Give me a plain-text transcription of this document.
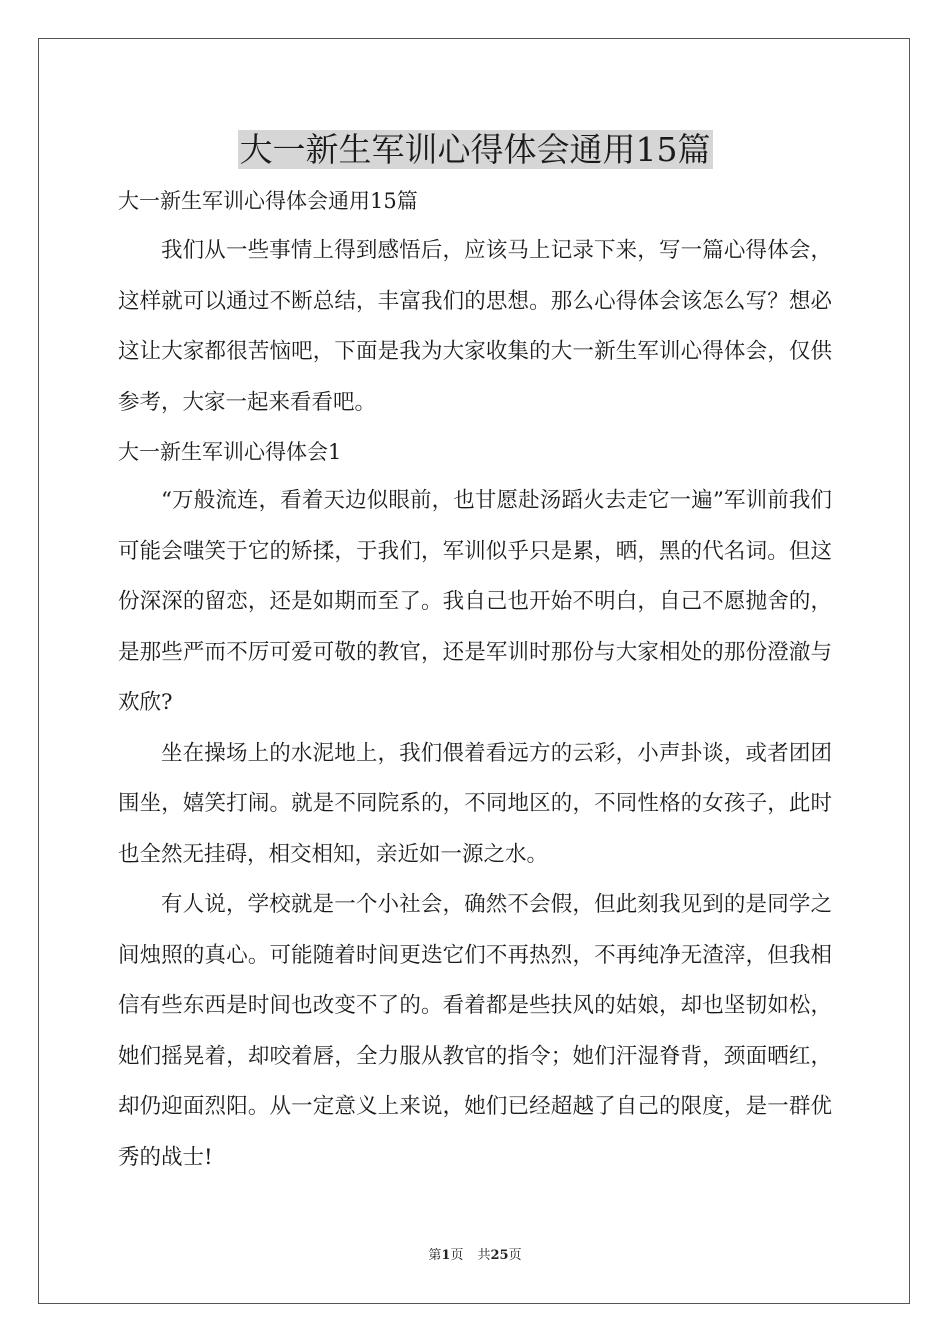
大一新生军训心得体会通用15篇

大一新生军训心得体会通用15篇

我们从一些事情上得到感悟后，应该马上记录下来，写一篇心得体会，这样就可以通过不断总结，丰富我们的思想。那么心得体会该怎么写？想必这让大家都很苦恼吧，下面是我为大家收集的大一新生军训心得体会，仅供参考，大家一起来看看吧。

大一新生军训心得体会1

“万般流连，看着天边似眼前，也甘愿赴汤蹈火去走它一遍”军训前我们可能会嗤笑于它的矫揉，于我们，军训似乎只是累，晒，黑的代名词。但这份深深的留恋，还是如期而至了。我自己也开始不明白，自己不愿抛舍的，是那些严而不厉可爱可敬的教官，还是军训时那份与大家相处的那份澄澈与欢欣?

坐在操场上的水泥地上，我们偎着看远方的云彩，小声卦谈，或者团团围坐，嬉笑打闹。就是不同院系的，不同地区的，不同性格的女孩子，此时也全然无挂碍，相交相知，亲近如一源之水。

有人说，学校就是一个小社会，确然不会假，但此刻我见到的是同学之间烛照的真心。可能随着时间更迭它们不再热烈，不再纯净无渣滓，但我相信有些东西是时间也改变不了的。看着都是些扶风的姑娘，却也坚韧如松，她们摇晃着，却咬着唇，全力服从教官的指令；她们汗湿脊背，颈面晒红，却仍迎面烈阳。从一定意义上来说，她们已经超越了自己的限度，是一群优秀的战士!

第1页 共25页
